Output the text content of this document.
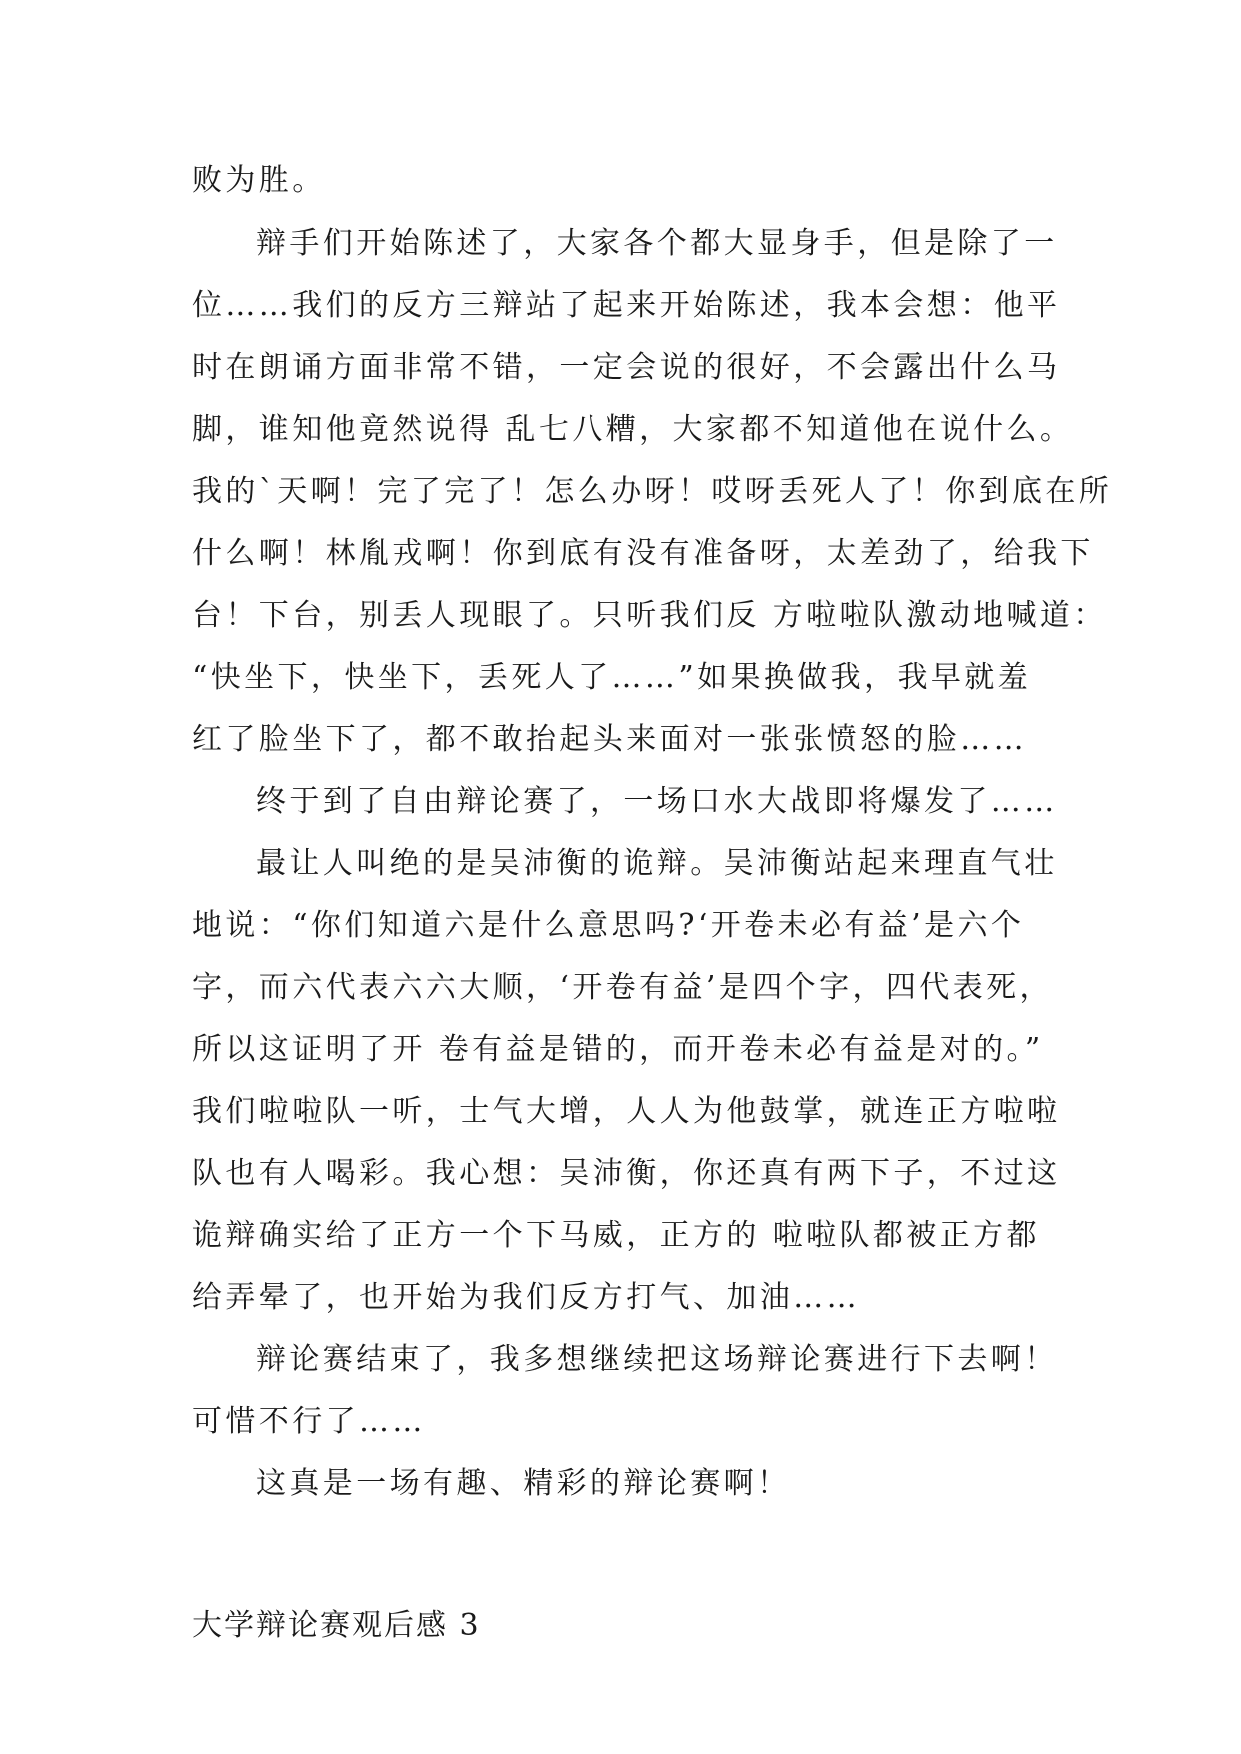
败为胜。
辩手们开始陈述了，大家各个都大显身手，但是除了一
位……我们的反方三辩站了起来开始陈述，我本会想：他平
时在朗诵方面非常不错，一定会说的很好，不会露出什么马
脚，谁知他竟然说得 乱七八糟，大家都不知道他在说什么。
我的`天啊！完了完了！怎么办呀！哎呀丢死人了！你到底在所
什么啊！林胤戎啊！你到底有没有准备呀，太差劲了，给我下
台！下台，别丢人现眼了。只听我们反 方啦啦队激动地喊道：
“快坐下，快坐下，丢死人了……”如果换做我，我早就羞
红了脸坐下了，都不敢抬起头来面对一张张愤怒的脸……
终于到了自由辩论赛了，一场口水大战即将爆发了……
最让人叫绝的是吴沛衡的诡辩。吴沛衡站起来理直气壮
地说：“你们知道六是什么意思吗?‘开卷未必有益’是六个
字，而六代表六六大顺，‘开卷有益’是四个字，四代表死，
所以这证明了开 卷有益是错的，而开卷未必有益是对的。”
我们啦啦队一听，士气大增，人人为他鼓掌，就连正方啦啦
队也有人喝彩。我心想：吴沛衡，你还真有两下子，不过这
诡辩确实给了正方一个下马威，正方的 啦啦队都被正方都
给弄晕了，也开始为我们反方打气、加油……
辩论赛结束了，我多想继续把这场辩论赛进行下去啊！
可惜不行了……
这真是一场有趣、精彩的辩论赛啊！
大学辩论赛观后感 3
